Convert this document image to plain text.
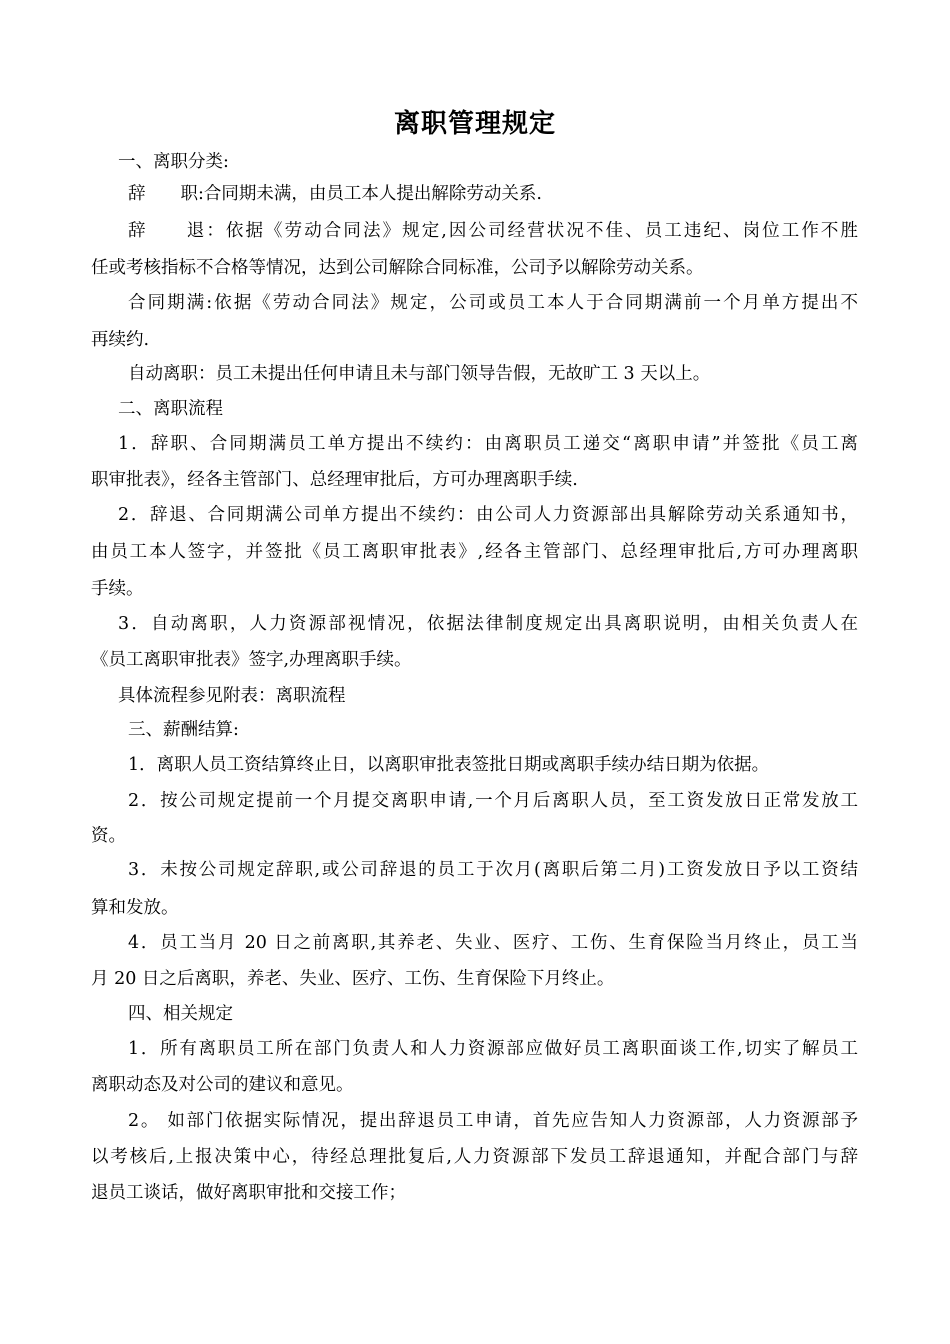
离职管理规定
一、离职分类:
辞　　职:合同期未满，由员工本人提出解除劳动关系.
辞　　退：依据《劳动合同法》规定,因公司经营状况不佳、员工违纪、岗位工作不胜
任或考核指标不合格等情况，达到公司解除合同标准，公司予以解除劳动关系。
合同期满:依据《劳动合同法》规定，公司或员工本人于合同期满前一个月单方提出不
再续约.
自动离职：员工未提出任何申请且未与部门领导告假，无故旷工 3 天以上。
二、离职流程
1．辞职、合同期满员工单方提出不续约：由离职员工递交“离职申请”并签批《员工离
职审批表》，经各主管部门、总经理审批后，方可办理离职手续.
2．辞退、合同期满公司单方提出不续约：由公司人力资源部出具解除劳动关系通知书，
由员工本人签字，并签批《员工离职审批表》,经各主管部门、总经理审批后,方可办理离职
手续。
3．自动离职，人力资源部视情况，依据法律制度规定出具离职说明，由相关负责人在
《员工离职审批表》签字,办理离职手续。
具体流程参见附表：离职流程
三、薪酬结算:
1．离职人员工资结算终止日，以离职审批表签批日期或离职手续办结日期为依据。
2．按公司规定提前一个月提交离职申请,一个月后离职人员，至工资发放日正常发放工
资。
3．未按公司规定辞职,或公司辞退的员工于次月(离职后第二月)工资发放日予以工资结
算和发放。
4．员工当月 20 日之前离职,其养老、失业、医疗、工伤、生育保险当月终止，员工当
月 20 日之后离职，养老、失业、医疗、工伤、生育保险下月终止。
四、相关规定
1．所有离职员工所在部门负责人和人力资源部应做好员工离职面谈工作,切实了解员工
离职动态及对公司的建议和意见。
2。 如部门依据实际情况，提出辞退员工申请，首先应告知人力资源部，人力资源部予
以考核后,上报决策中心，待经总理批复后,人力资源部下发员工辞退通知，并配合部门与辞
退员工谈话，做好离职审批和交接工作；
